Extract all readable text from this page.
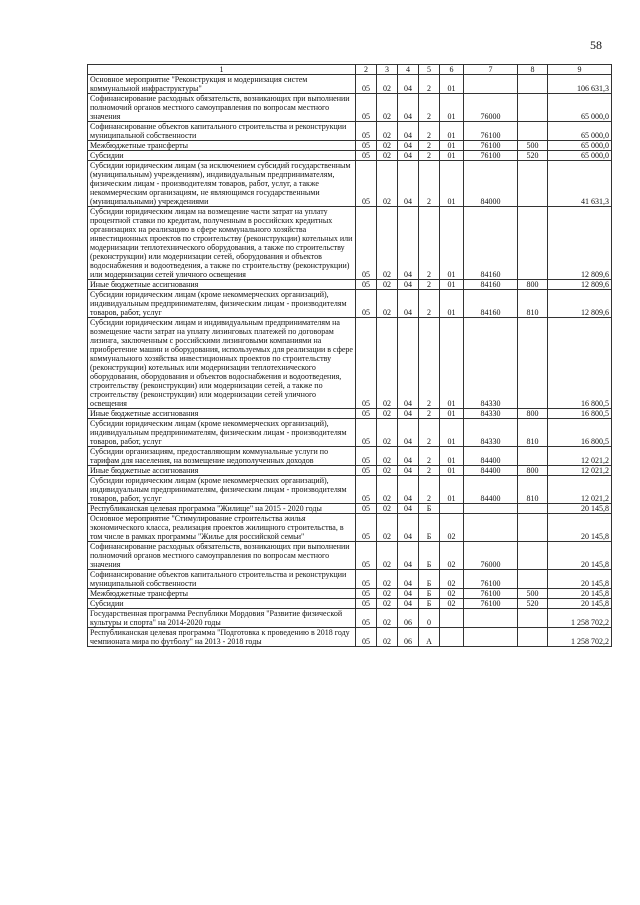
58
1	2	3	4	5	6	7	8	9
Основное мероприятие "Реконструкция и модернизация систем коммунальной инфраструктуры"	05	02	04	2	01			106 631,3
Софинансирование расходных обязательств, возникающих при выполнении полномочий органов местного самоуправления по вопросам местного значения	05	02	04	2	01	76000		65 000,0
Софинансирование объектов капитального строительства и реконструкции муниципальной собственности	05	02	04	2	01	76100		65 000,0
Межбюджетные трансферты	05	02	04	2	01	76100	500	65 000,0
Субсидии	05	02	04	2	01	76100	520	65 000,0
Субсидии юридическим лицам (за исключением субсидий государственным (муниципальным) учреждениям), индивидуальным предпринимателям, физическим лицам - производителям товаров, работ, услуг, а также некоммерческим организациям, не являющимся государственными (муниципальными) учреждениями	05	02	04	2	01	84000		41 631,3
Субсидии юридическим лицам на возмещение части затрат на уплату процентной ставки по кредитам, полученным в российских кредитных организациях на реализацию в сфере коммунального хозяйства инвестиционных проектов по строительству (реконструкции) котельных или модернизации теплотехнического оборудования, а также по строительству (реконструкции) или модернизации сетей, оборудования и объектов водоснабжения и водоотведения, а также по строительству (реконструкции) или модернизации сетей уличного освещения	05	02	04	2	01	84160		12 809,6
Иные бюджетные ассигнования	05	02	04	2	01	84160	800	12 809,6
Субсидии юридическим лицам (кроме некоммерческих организаций), индивидуальным предпринимателям, физическим лицам - производителям товаров, работ, услуг	05	02	04	2	01	84160	810	12 809,6
Субсидии юридическим лицам и индивидуальным предпринимателям на возмещение части затрат на уплату лизинговых платежей по договорам лизинга, заключенным с российскими лизинговыми компаниями на приобретение машин и оборудования, используемых для реализации в сфере коммунального хозяйства инвестиционных проектов по строительству (реконструкции) котельных или модернизации теплотехнического оборудования, оборудования и объектов водоснабжения и водоотведения, строительству (реконструкции) или модернизации сетей, а также по строительству (реконструкции) или модернизации сетей уличного освещения	05	02	04	2	01	84330		16 800,5
Иные бюджетные ассигнования	05	02	04	2	01	84330	800	16 800,5
Субсидии юридическим лицам (кроме некоммерческих организаций), индивидуальным предпринимателям, физическим лицам - производителям товаров, работ, услуг	05	02	04	2	01	84330	810	16 800,5
Субсидии организациям, предоставляющим коммунальные услуги по тарифам для населения, на возмещение недополученных доходов	05	02	04	2	01	84400		12 021,2
Иные бюджетные ассигнования	05	02	04	2	01	84400	800	12 021,2
Субсидии юридическим лицам (кроме некоммерческих организаций), индивидуальным предпринимателям, физическим лицам - производителям товаров, работ, услуг	05	02	04	2	01	84400	810	12 021,2
Республиканская целевая программа "Жилище" на 2015 - 2020 годы	05	02	04	Б				20 145,8
Основное мероприятие "Стимулирование строительства жилья экономического класса, реализация проектов жилищного строительства, в том числе в рамках программы "Жилье для российской семьи"	05	02	04	Б	02			20 145,8
Софинансирование расходных обязательств, возникающих при выполнении полномочий органов местного самоуправления по вопросам местного значения	05	02	04	Б	02	76000		20 145,8
Софинансирование объектов капитального строительства и реконструкции муниципальной собственности	05	02	04	Б	02	76100		20 145,8
Межбюджетные трансферты	05	02	04	Б	02	76100	500	20 145,8
Субсидии	05	02	04	Б	02	76100	520	20 145,8
Государственная программа Республики Мордовия "Развитие физической культуры и спорта" на 2014-2020 годы	05	02	06	0				1 258 702,2
Республиканская целевая программа "Подготовка к проведению в 2018 году чемпионата мира по футболу" на 2013 - 2018 годы	05	02	06	А				1 258 702,2
